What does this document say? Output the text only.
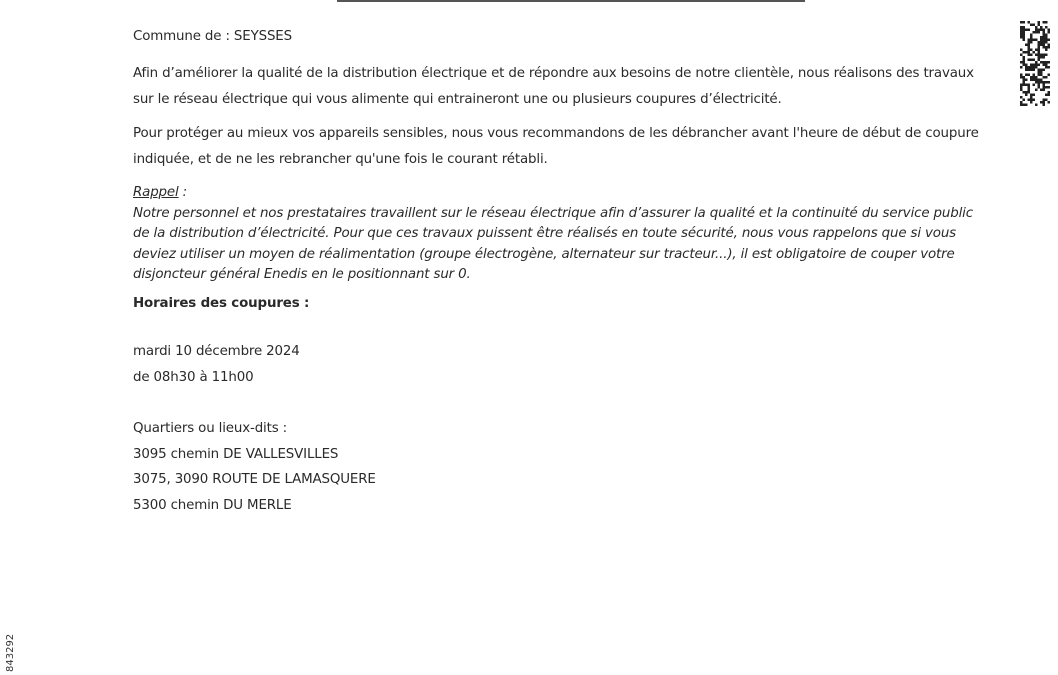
Commune de : SEYSSES

Afin d’améliorer la qualité de la distribution électrique et de répondre aux besoins de notre clientèle, nous réalisons des travaux sur le réseau électrique qui vous alimente qui entraineront une ou plusieurs coupures d’électricité.

Pour protéger au mieux vos appareils sensibles, nous vous recommandons de les débrancher avant l'heure de début de coupure indiquée, et de ne les rebrancher qu'une fois le courant rétabli.

Rappel :
Notre personnel et nos prestataires travaillent sur le réseau électrique afin d’assurer la qualité et la continuité du service public de la distribution d’électricité. Pour que ces travaux puissent être réalisés en toute sécurité, nous vous rappelons que si vous deviez utiliser un moyen de réalimentation (groupe électrogène, alternateur sur tracteur...), il est obligatoire de couper votre disjoncteur général Enedis en le positionnant sur 0.

Horaires des coupures :

mardi 10 décembre 2024

de 08h30 à 11h00

Quartiers ou lieux-dits :

3095 chemin DE VALLESVILLES

3075, 3090 ROUTE DE LAMASQUERE

5300 chemin DU MERLE

843292
